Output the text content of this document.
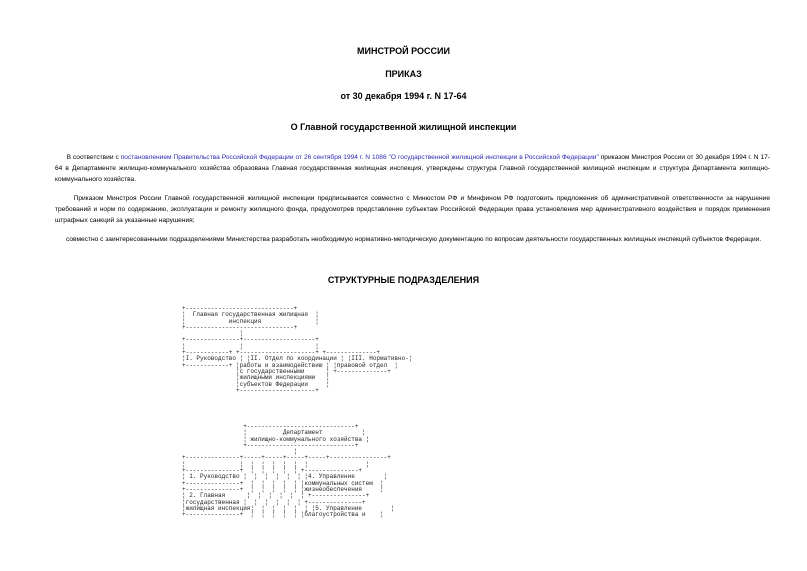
МИНСТРОЙ РОССИИ
ПРИКАЗ
от 30 декабря 1994 г. N 17-64
О Главной государственной жилищной инспекции
В соответствии с постановлением Правительства Российской Федерации от 26 сентября 1994 г. N 1086 "О государственной жилищной инспекции в Российской Федерации" приказом Минстроя России от 30 декабря 1994 г. N 17-64 в Департаменте жилищно-коммунального хозяйства образована Главная государственная жилищная инспекция, утверждены структура Главной государственной жилищной инспекции и структура Департамента жилищно-коммунального хозяйства.
Приказом Минстроя России Главной государственной жилищной инспекции предписывается совместно с Минюстом РФ и Минфином РФ подготовить предложения об административной ответственности за нарушение требований и норм по содержанию, эксплуатации и ремонту жилищного фонда, предусмотрев представление субъектам Российской Федерации права установления мер административного воздействия и порядок применения штрафных санкций за указанные нарушения;
совместно с заинтересованными подразделениями Министерства разработать необходимую нормативно-методическую документацию по вопросам деятельности государственных жилищных инспекций субъектов Федерации.
СТРУКТУРНЫЕ ПОДРАЗДЕЛЕНИЯ
+------------------------------+
¦  Главная государственная жилищная  ¦
¦            инспекция               ¦
+------------------------------+
¦
+---------------+--------------------+
¦               ¦                    ¦
+------------+ +---------------------+ +--------------+
¦I. Руководство ¦ ¦II. Отдел по координации ¦ ¦III. Нормативно-¦
+------------+ ¦работы и взаимодействию ¦ ¦правовой отдел  ¦
¦с государственными      ¦ +--------------+
¦жилищными инспекциями   ¦
¦субъектов Федерации     ¦
+---------------------+
+------------------------------+
¦          Департамент           ¦
¦ жилищно-коммунального хозяйства ¦
+------------------------------+
¦
+---------------+-----+-----+-----+-----+----------------+
¦               ¦  ¦  ¦  ¦  ¦  ¦  ¦                ¦
+---------------+  ¦  ¦  ¦  ¦  ¦ +---------------+
¦ 1. Руководство ¦  ¦  ¦  ¦  ¦  ¦ ¦4. Управление        ¦
+---------------+  ¦  ¦  ¦  ¦  ¦ ¦коммунальных систем  ¦
+---------------+  ¦  ¦  ¦  ¦  ¦ ¦жизнеобеспечения     ¦
¦ 2. Главная      ¦  ¦  ¦  ¦  ¦  ¦ +---------------+
¦государственная ¦  ¦  ¦  ¦  ¦  ¦ +---------------+
¦жилищная инспекция¦  ¦  ¦  ¦  ¦  ¦ ¦5. Управление        ¦
+---------------+  ¦  ¦  ¦  ¦  ¦ ¦благоустройства и    ¦
